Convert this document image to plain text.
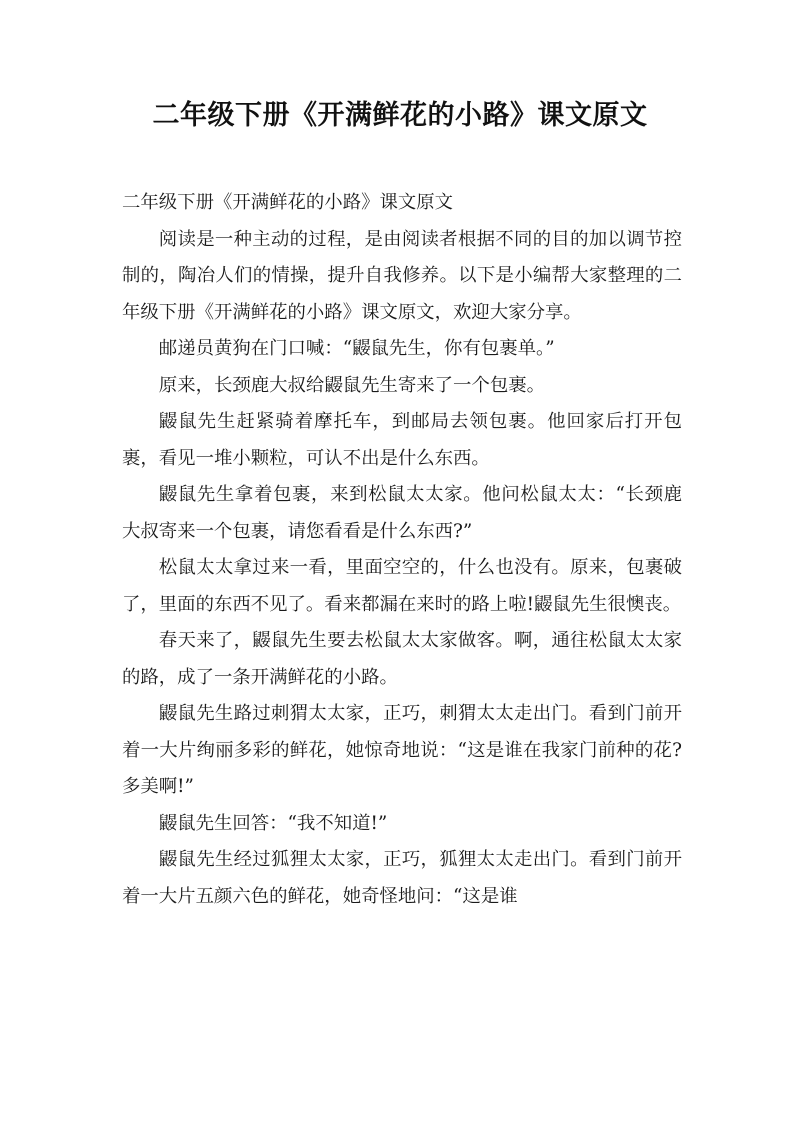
二年级下册《开满鲜花的小路》课文原文

二年级下册《开满鲜花的小路》课文原文

阅读是一种主动的过程，是由阅读者根据不同的目的加以调节控制的，陶冶人们的情操，提升自我修养。以下是小编帮大家整理的二年级下册《开满鲜花的小路》课文原文，欢迎大家分享。

邮递员黄狗在门口喊：“鼹鼠先生，你有包裹单。”

原来，长颈鹿大叔给鼹鼠先生寄来了一个包裹。

鼹鼠先生赶紧骑着摩托车，到邮局去领包裹。他回家后打开包裹，看见一堆小颗粒，可认不出是什么东西。

鼹鼠先生拿着包裹，来到松鼠太太家。他问松鼠太太：“长颈鹿大叔寄来一个包裹，请您看看是什么东西?”

松鼠太太拿过来一看，里面空空的，什么也没有。原来，包裹破了，里面的东西不见了。看来都漏在来时的路上啦!鼹鼠先生很懊丧。

春天来了，鼹鼠先生要去松鼠太太家做客。啊，通往松鼠太太家的路，成了一条开满鲜花的小路。

鼹鼠先生路过刺猬太太家，正巧，刺猬太太走出门。看到门前开着一大片绚丽多彩的鲜花，她惊奇地说：“这是谁在我家门前种的花?多美啊!”

鼹鼠先生回答：“我不知道!”

鼹鼠先生经过狐狸太太家，正巧，狐狸太太走出门。看到门前开着一大片五颜六色的鲜花，她奇怪地问：“这是谁
